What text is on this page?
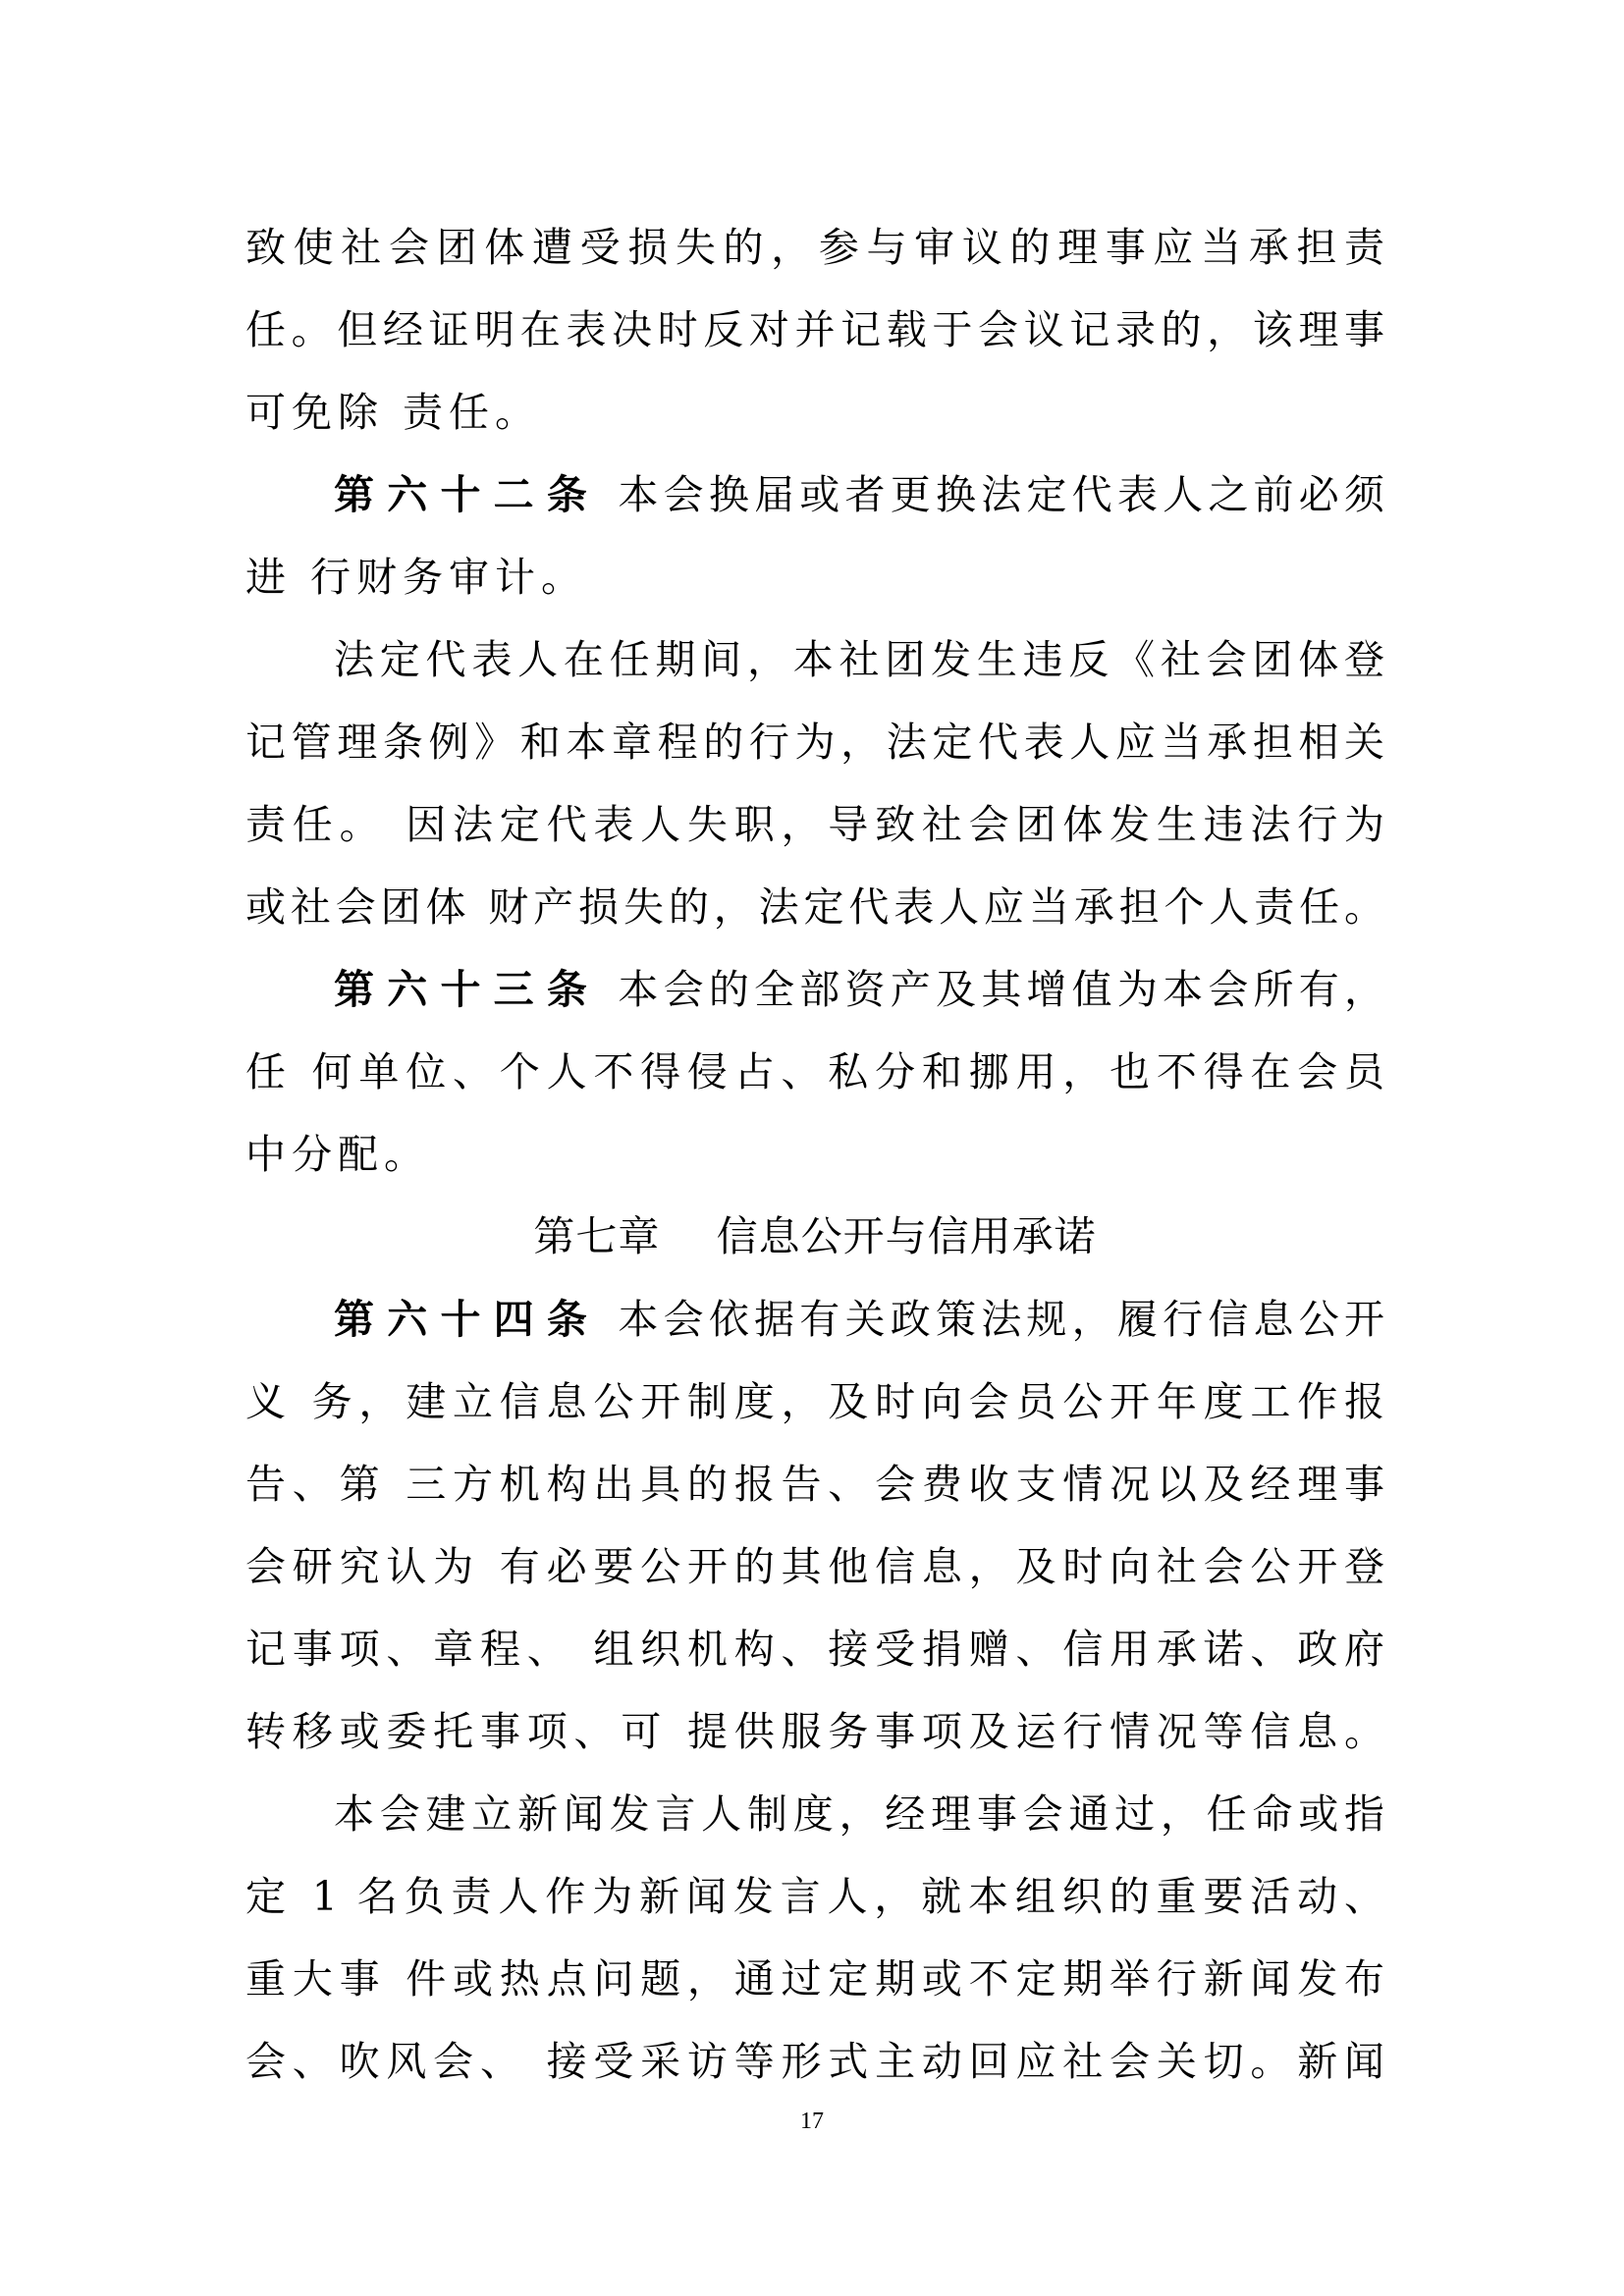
致使社会团体遭受损失的，参与审议的理事应当承担责
任。但经证明在表决时反对并记载于会议记录的，该理事
可免除 责任。
第六十二条 本会换届或者更换法定代表人之前必须
进 行财务审计。
法定代表人在任期间，本社团发生违反《社会团体登
记管理条例》和本章程的行为，法定代表人应当承担相关
责任。 因法定代表人失职，导致社会团体发生违法行为
或社会团体 财产损失的，法定代表人应当承担个人责任。
第六十三条 本会的全部资产及其增值为本会所有，
任 何单位、个人不得侵占、私分和挪用，也不得在会员
中分配。
第七章　 信息公开与信用承诺
第六十四条 本会依据有关政策法规，履行信息公开
义 务，建立信息公开制度，及时向会员公开年度工作报
告、第 三方机构出具的报告、会费收支情况以及经理事
会研究认为 有必要公开的其他信息，及时向社会公开登
记事项、章程、 组织机构、接受捐赠、信用承诺、政府
转移或委托事项、可 提供服务事项及运行情况等信息。
本会建立新闻发言人制度，经理事会通过，任命或指
定 1 名负责人作为新闻发言人，就本组织的重要活动、
重大事 件或热点问题，通过定期或不定期举行新闻发布
会、吹风会、 接受采访等形式主动回应社会关切。新闻
17
